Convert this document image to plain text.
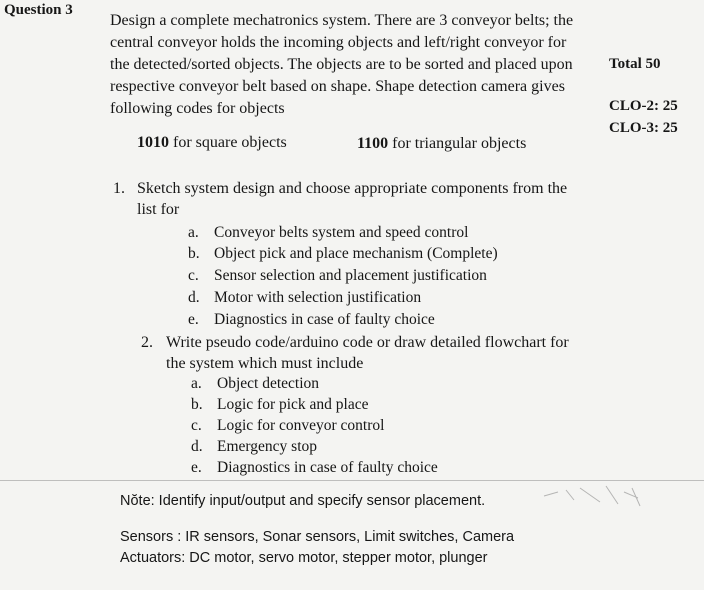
Question 3
Design a complete mechatronics system. There are 3 conveyor belts; the
central conveyor holds the incoming objects and left/right conveyor for
the detected/sorted objects. The objects are to be sorted and placed upon
respective conveyor belt based on shape. Shape detection camera gives
following codes for objects
Total 50
CLO-2: 25
CLO-3: 25
1010 for square objects	1100 for triangular objects
1. Sketch system design and choose appropriate components from the
list for
a. Conveyor belts system and speed control
b. Object pick and place mechanism (Complete)
c. Sensor selection and placement justification
d. Motor with selection justification
e. Diagnostics in case of faulty choice
2. Write pseudo code/arduino code or draw detailed flowchart for
the system which must include
a. Object detection
b. Logic for pick and place
c. Logic for conveyor control
d. Emergency stop
e. Diagnostics in case of faulty choice
Nŏte: Identify input/output and specify sensor placement.
Sensors : IR sensors, Sonar sensors, Limit switches, Camera
Actuators: DC motor, servo motor, stepper motor, plunger
